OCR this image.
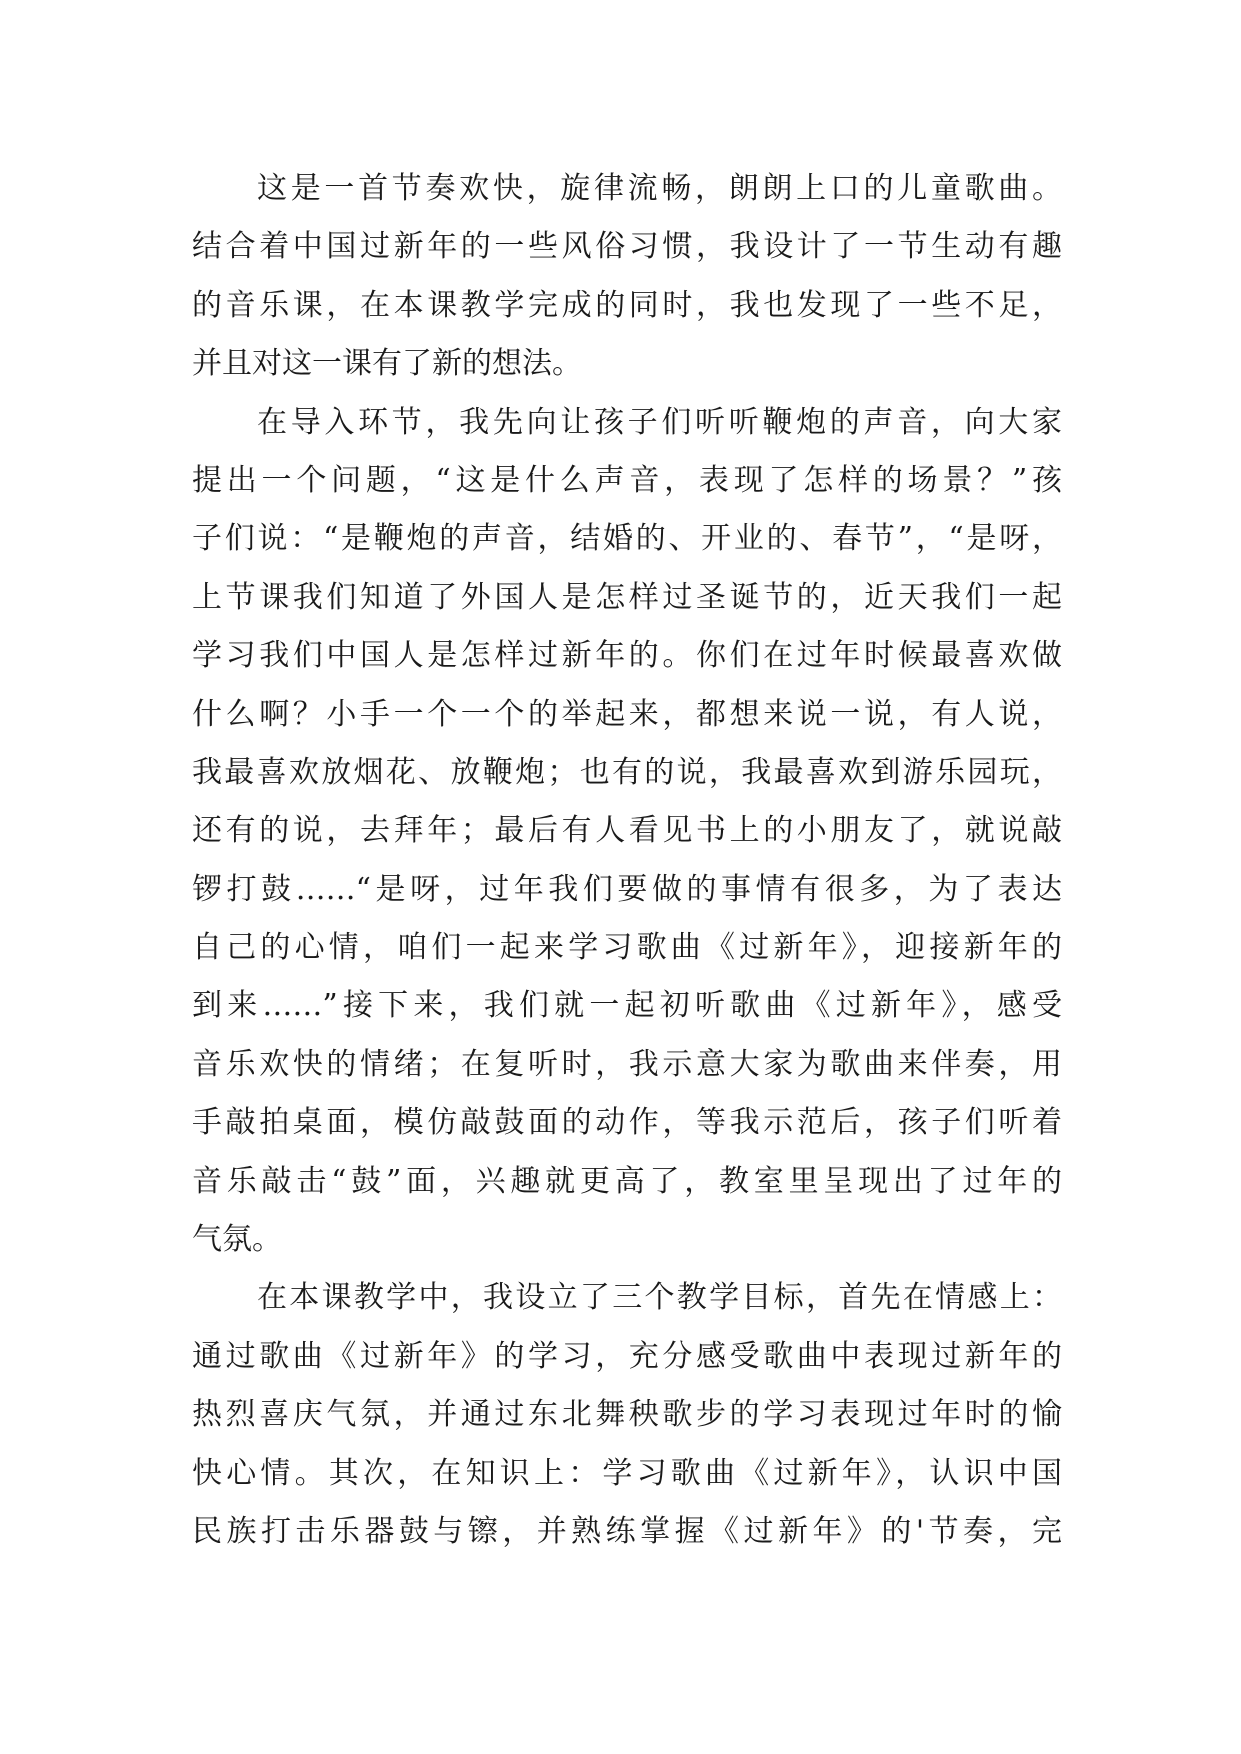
这是一首节奏欢快，旋律流畅，朗朗上口的儿童歌曲。
结合着中国过新年的一些风俗习惯，我设计了一节生动有趣
的音乐课，在本课教学完成的同时，我也发现了一些不足，
并且对这一课有了新的想法。
在导入环节，我先向让孩子们听听鞭炮的声音，向大家
提出一个问题，“这是什么声音，表现了怎样的场景？”孩
子们说：“是鞭炮的声音，结婚的、开业的、春节”，“是呀，
上节课我们知道了外国人是怎样过圣诞节的，近天我们一起
学习我们中国人是怎样过新年的。你们在过年时候最喜欢做
什么啊？小手一个一个的举起来，都想来说一说，有人说，
我最喜欢放烟花、放鞭炮；也有的说，我最喜欢到游乐园玩，
还有的说，去拜年；最后有人看见书上的小朋友了，就说敲
锣打鼓……“是呀，过年我们要做的事情有很多，为了表达
自己的心情，咱们一起来学习歌曲《过新年》，迎接新年的
到来……”接下来，我们就一起初听歌曲《过新年》，感受
音乐欢快的情绪；在复听时，我示意大家为歌曲来伴奏，用
手敲拍桌面，模仿敲鼓面的动作，等我示范后，孩子们听着
音乐敲击“鼓”面，兴趣就更高了，教室里呈现出了过年的
气氛。
在本课教学中，我设立了三个教学目标，首先在情感上：
通过歌曲《过新年》的学习，充分感受歌曲中表现过新年的
热烈喜庆气氛，并通过东北舞秧歌步的学习表现过年时的愉
快心情。其次，在知识上：学习歌曲《过新年》，认识中国
民族打击乐器鼓与镲，并熟练掌握《过新年》的'节奏，完
